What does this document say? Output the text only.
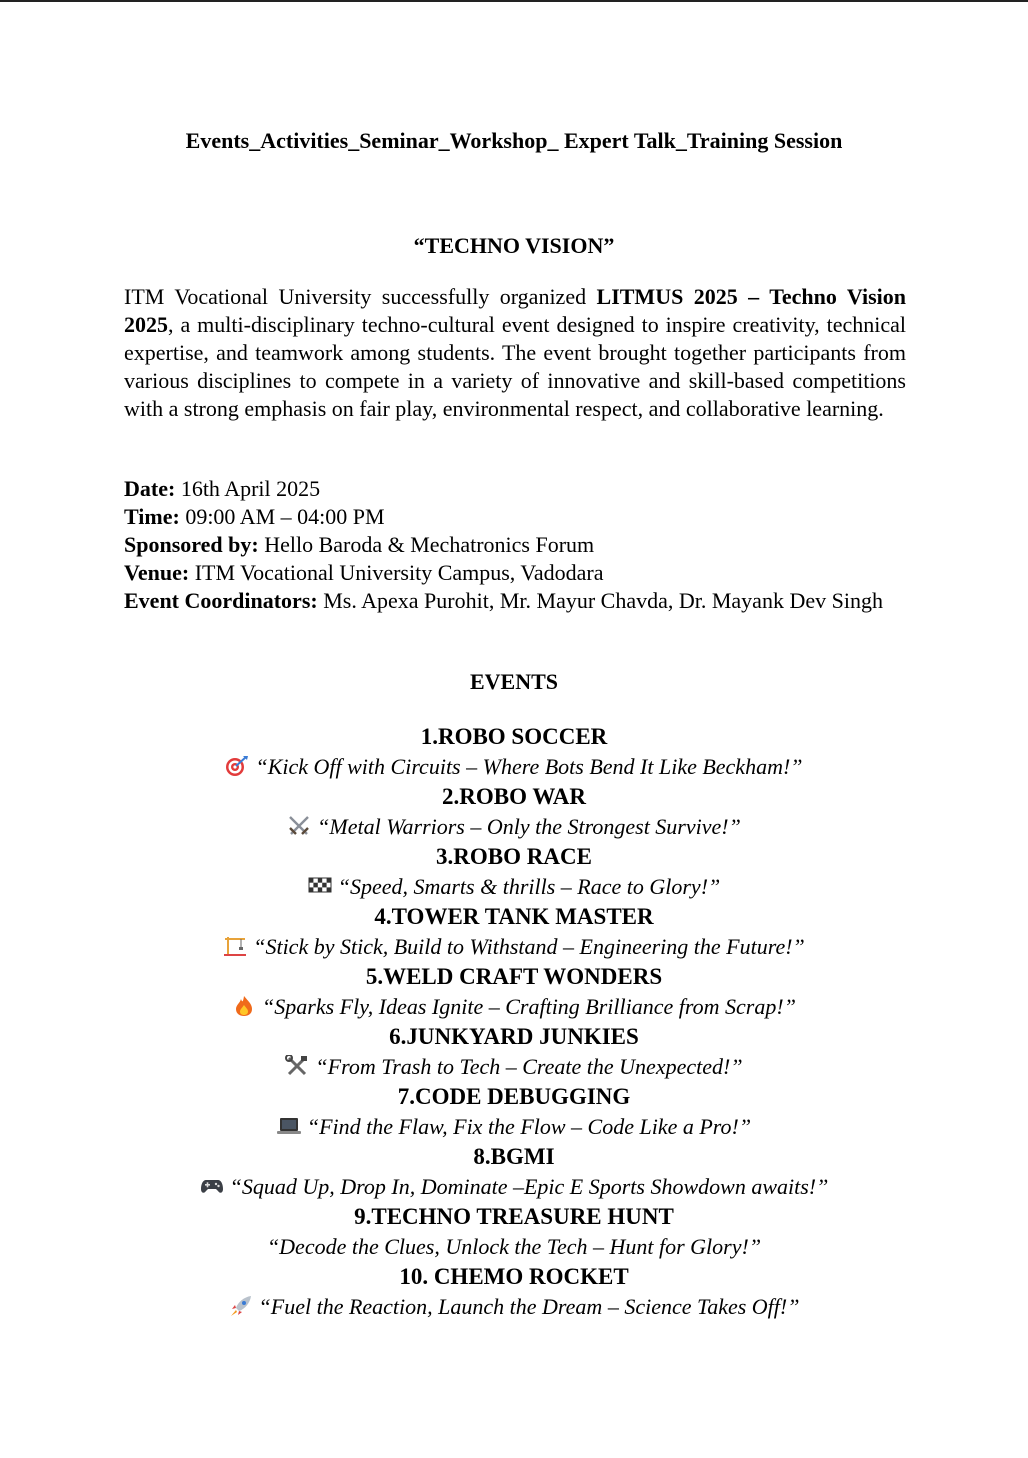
Events_Activities_Seminar_Workshop_ Expert Talk_Training Session
“TECHNO VISION”

ITM Vocational University successfully organized LITMUS 2025 – Techno Vision 2025, a multi-disciplinary techno-cultural event designed to inspire creativity, technical expertise, and teamwork among students. The event brought together participants from various disciplines to compete in a variety of innovative and skill-based competitions with a strong emphasis on fair play, environmental respect, and collaborative learning.

Date: 16th April 2025
Time: 09:00 AM – 04:00 PM
Sponsored by: Hello Baroda & Mechatronics Forum
Venue: ITM Vocational University Campus, Vadodara
Event Coordinators: Ms. Apexa Purohit, Mr. Mayur Chavda, Dr. Mayank Dev Singh
EVENTS
1.ROBO SOCCER
“Kick Off with Circuits – Where Bots Bend It Like Beckham!”
2.ROBO WAR
“Metal Warriors – Only the Strongest Survive!”
3.ROBO RACE
“Speed, Smarts & thrills – Race to Glory!”
4.TOWER TANK MASTER
“Stick by Stick, Build to Withstand – Engineering the Future!”
5.WELD CRAFT WONDERS
“Sparks Fly, Ideas Ignite – Crafting Brilliance from Scrap!”
6.JUNKYARD JUNKIES
“From Trash to Tech – Create the Unexpected!”
7.CODE DEBUGGING
“Find the Flaw, Fix the Flow – Code Like a Pro!”
8.BGMI
“Squad Up, Drop In, Dominate –Epic E Sports Showdown awaits!”
9.TECHNO TREASURE HUNT
“Decode the Clues, Unlock the Tech – Hunt for Glory!”
10. CHEMO ROCKET
“Fuel the Reaction, Launch the Dream – Science Takes Off!”
